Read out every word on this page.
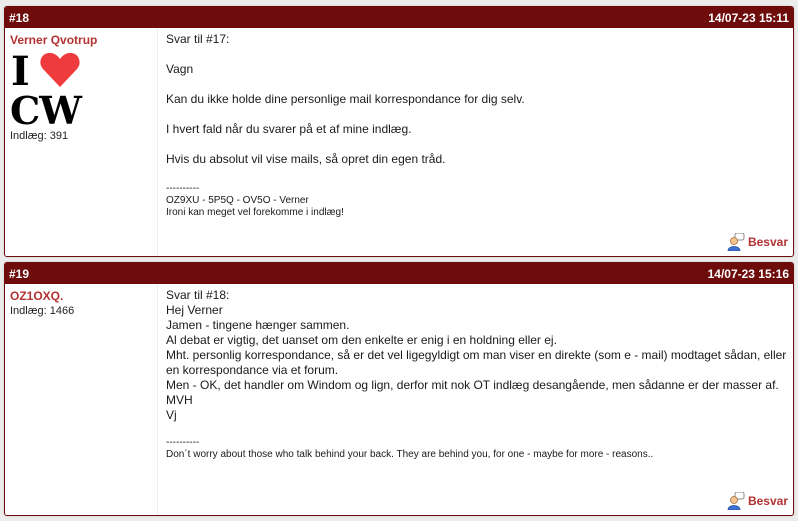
#18	14/07-23 15:11
Verner Qvotrup
I
CW
Indlæg: 391

Svar til #17:

Vagn

Kan du ikke holde dine personlige mail korrespondance for dig selv.

I hvert fald når du svarer på et af mine indlæg.

Hvis du absolut vil vise mails, så opret din egen tråd.

----------
OZ9XU - 5P5Q - OV5O - Verner
Ironi kan meget vel forekomme i indlæg!
Besvar
#19	14/07-23 15:16
OZ1OXQ.
Indlæg: 1466

Svar til #18:

Hej Verner

Jamen - tingene hænger sammen.

Al debat er vigtig, det uanset om den enkelte er enig i en holdning eller ej.

Mht. personlig korrespondance, så er det vel ligegyldigt om man viser en direkte (som e - mail) modtaget sådan, eller en korrespondance via et forum.

Men - OK, det handler om Windom og lign, derfor mit nok OT indlæg desangående, men sådanne er der masser af.

MVH

Vj

----------
Don´t worry about those who talk behind your back. They are behind you, for one - maybe for more - reasons..
Besvar
